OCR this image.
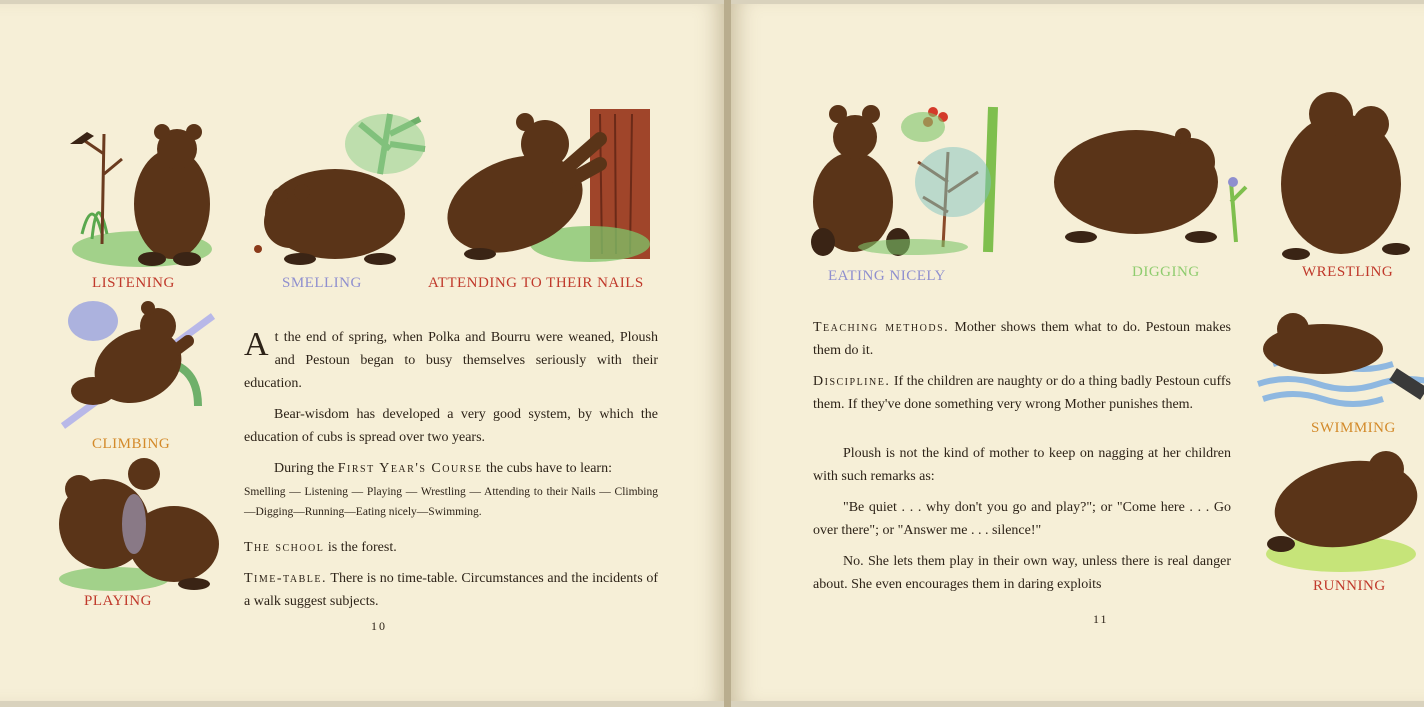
LISTENING	SMELLING	ATTENDING TO THEIR NAILS
CLIMBING
PLAYING

At the end of spring, when Polka and Bourru were weaned, Ploush and Pestoun began to busy themselves seriously with their education.

Bear-wisdom has developed a very good system, by which the education of cubs is spread over two years.

During the First Year's Course the cubs have to learn:

Smelling — Listening — Playing — Wrestling — Attending to their Nails — Climbing—Digging—Running—Eating nicely—Swimming.

The school is the forest.

Time-table. There is no time-table. Circumstances and the incidents of a walk suggest subjects.

10
EATING NICELY	DIGGING	WRESTLING
SWIMMING
RUNNING

Teaching methods. Mother shows them what to do. Pestoun makes them do it.

Discipline. If the children are naughty or do a thing badly Pestoun cuffs them. If they've done something very wrong Mother punishes them.

Ploush is not the kind of mother to keep on nagging at her children with such remarks as:

"Be quiet . . . why don't you go and play?"; or "Come here . . . Go over there"; or "Answer me . . . silence!"

No. She lets them play in their own way, unless there is real danger about. She even encourages them in daring exploits

11
